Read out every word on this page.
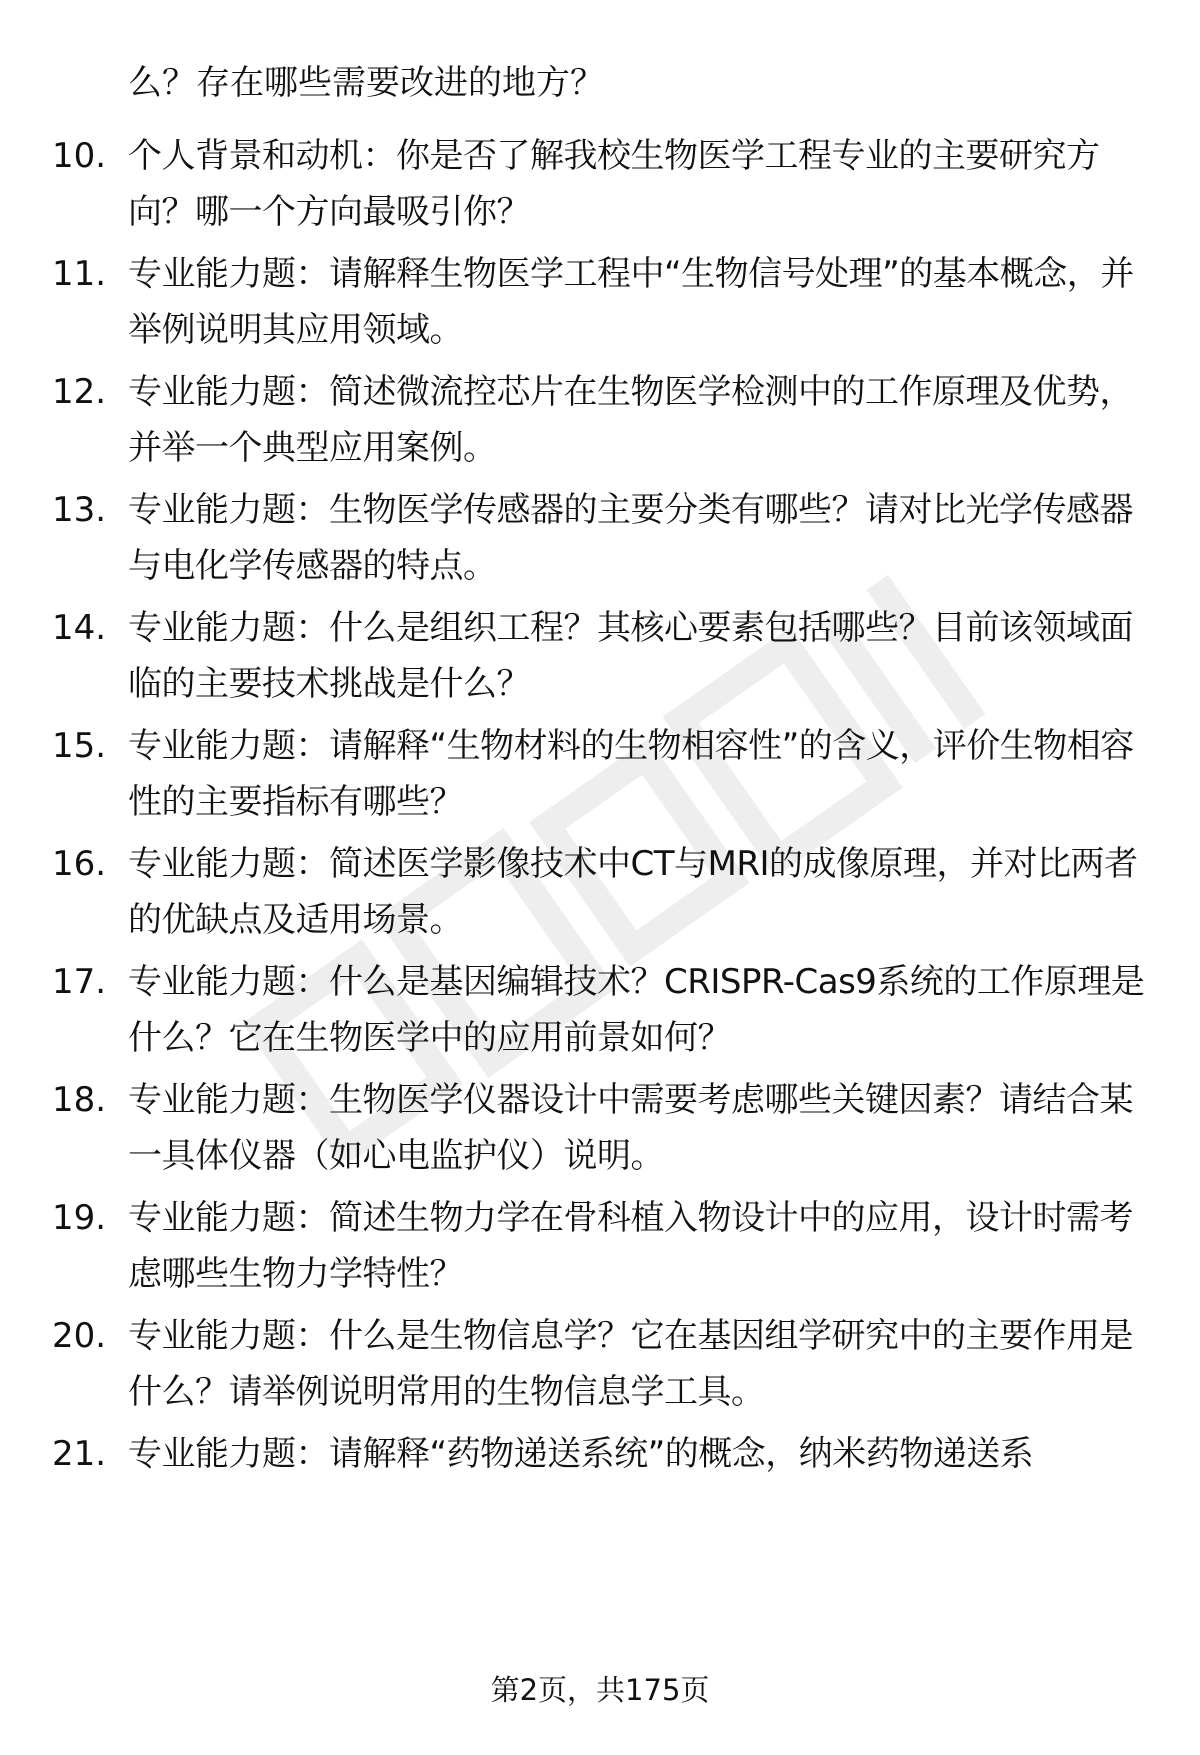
么？存在哪些需要改进的地方？
10. 个人背景和动机：你是否了解我校生物医学工程专业的主要研究方向？哪一个方向最吸引你？
11. 专业能力题：请解释生物医学工程中“生物信号处理”的基本概念，并举例说明其应用领域。
12. 专业能力题：简述微流控芯片在生物医学检测中的工作原理及优势，并举一个典型应用案例。
13. 专业能力题：生物医学传感器的主要分类有哪些？请对比光学传感器与电化学传感器的特点。
14. 专业能力题：什么是组织工程？其核心要素包括哪些？目前该领域面临的主要技术挑战是什么？
15. 专业能力题：请解释“生物材料的生物相容性”的含义，评价生物相容性的主要指标有哪些？
16. 专业能力题：简述医学影像技术中CT与MRI的成像原理，并对比两者的优缺点及适用场景。
17. 专业能力题：什么是基因编辑技术？CRISPR-Cas9系统的工作原理是什么？它在生物医学中的应用前景如何？
18. 专业能力题：生物医学仪器设计中需要考虑哪些关键因素？请结合某一具体仪器（如心电监护仪）说明。
19. 专业能力题：简述生物力学在骨科植入物设计中的应用，设计时需考虑哪些生物力学特性？
20. 专业能力题：什么是生物信息学？它在基因组学研究中的主要作用是什么？请举例说明常用的生物信息学工具。
21. 专业能力题：请解释“药物递送系统”的概念，纳米药物递送系
第2页，共175页
